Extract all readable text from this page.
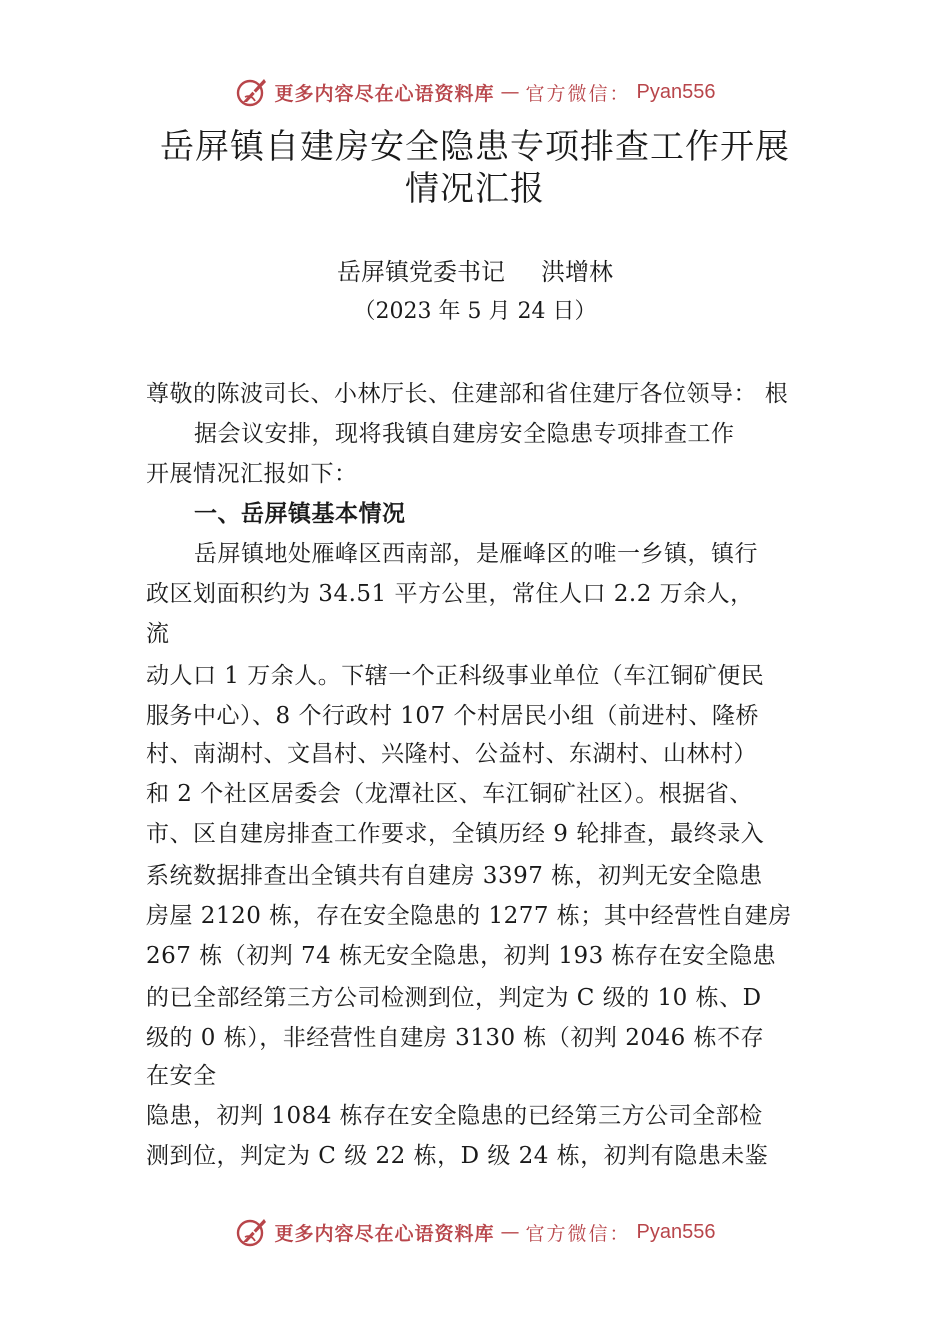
更多内容尽在心语资料库 — 官方微信： Pyan556
岳屏镇自建房安全隐患专项排查工作开展
情况汇报
岳屏镇党委书记 洪增林
（2023 年 5 月 24 日）
尊敬的陈波司长、小林厅长、住建部和省住建厅各位领导： 根
据会议安排，现将我镇自建房安全隐患专项排查工作
开展情况汇报如下：
一、岳屏镇基本情况
岳屏镇地处雁峰区西南部，是雁峰区的唯一乡镇，镇行
政区划面积约为 34.51 平方公里，常住人口 2.2 万余人，
流
动人口 1 万余人。下辖一个正科级事业单位（车江铜矿便民
服务中心）、8 个行政村 107 个村居民小组（前进村、隆桥
村、南湖村、文昌村、兴隆村、公益村、东湖村、山林村）
和 2 个社区居委会（龙潭社区、车江铜矿社区）。根据省、
市、区自建房排查工作要求，全镇历经 9 轮排查，最终录入
系统数据排查出全镇共有自建房 3397 栋，初判无安全隐患
房屋 2120 栋，存在安全隐患的 1277 栋；其中经营性自建房
267 栋（初判 74 栋无安全隐患，初判 193 栋存在安全隐患
的已全部经第三方公司检测到位，判定为 C 级的 10 栋、D
级的 0 栋），非经营性自建房 3130 栋（初判 2046 栋不存
在安全
隐患，初判 1084 栋存在安全隐患的已经第三方公司全部检
测到位，判定为 C 级 22 栋，D 级 24 栋，初判有隐患未鉴
更多内容尽在心语资料库 — 官方微信： Pyan556
